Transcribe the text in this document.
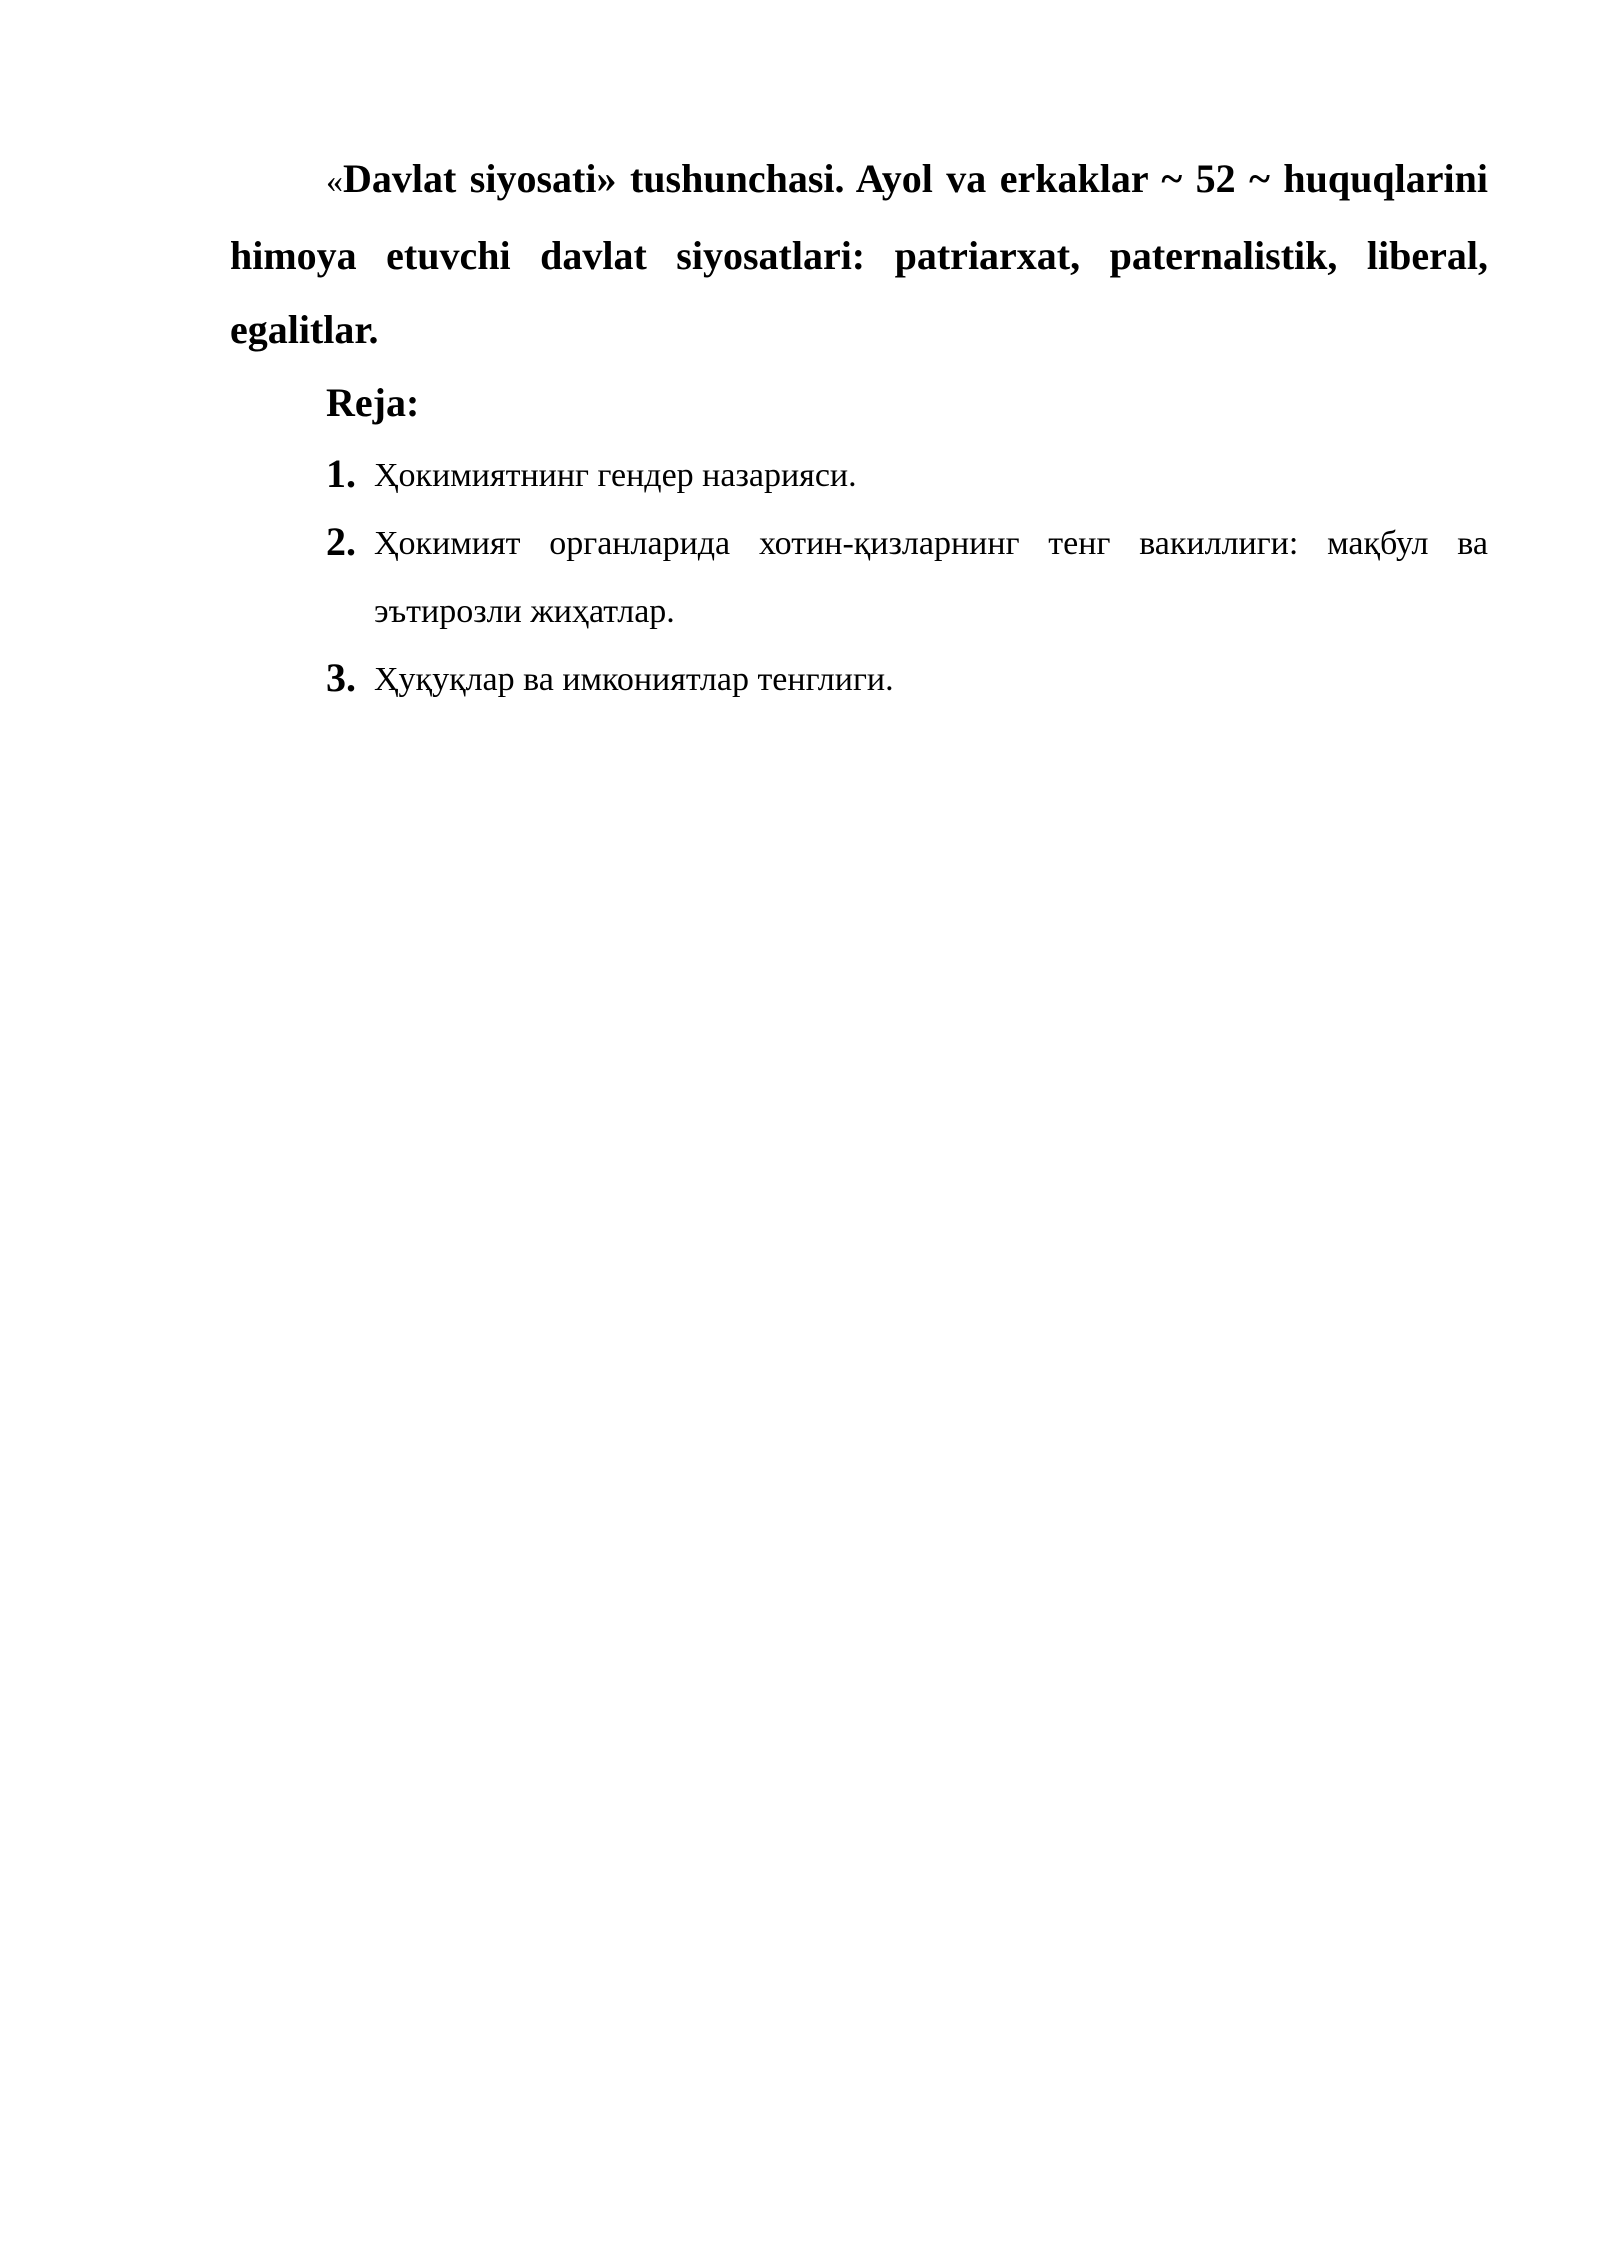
«Davlat siyosati» tushunchasi. Ayol va erkaklar ~ 52 ~ huquqlarini himoya etuvchi davlat siyosatlari: patriarxat, paternalistik, liberal, egalitlar.

Reja:

1. Ҳокимиятнинг гендер назарияси.
2. Ҳокимият органларида хотин-қизларнинг тенг вакиллиги: мақбул ва эътирозли жиҳатлар.
3. Ҳуқуқлар ва имкониятлар тенглиги.
